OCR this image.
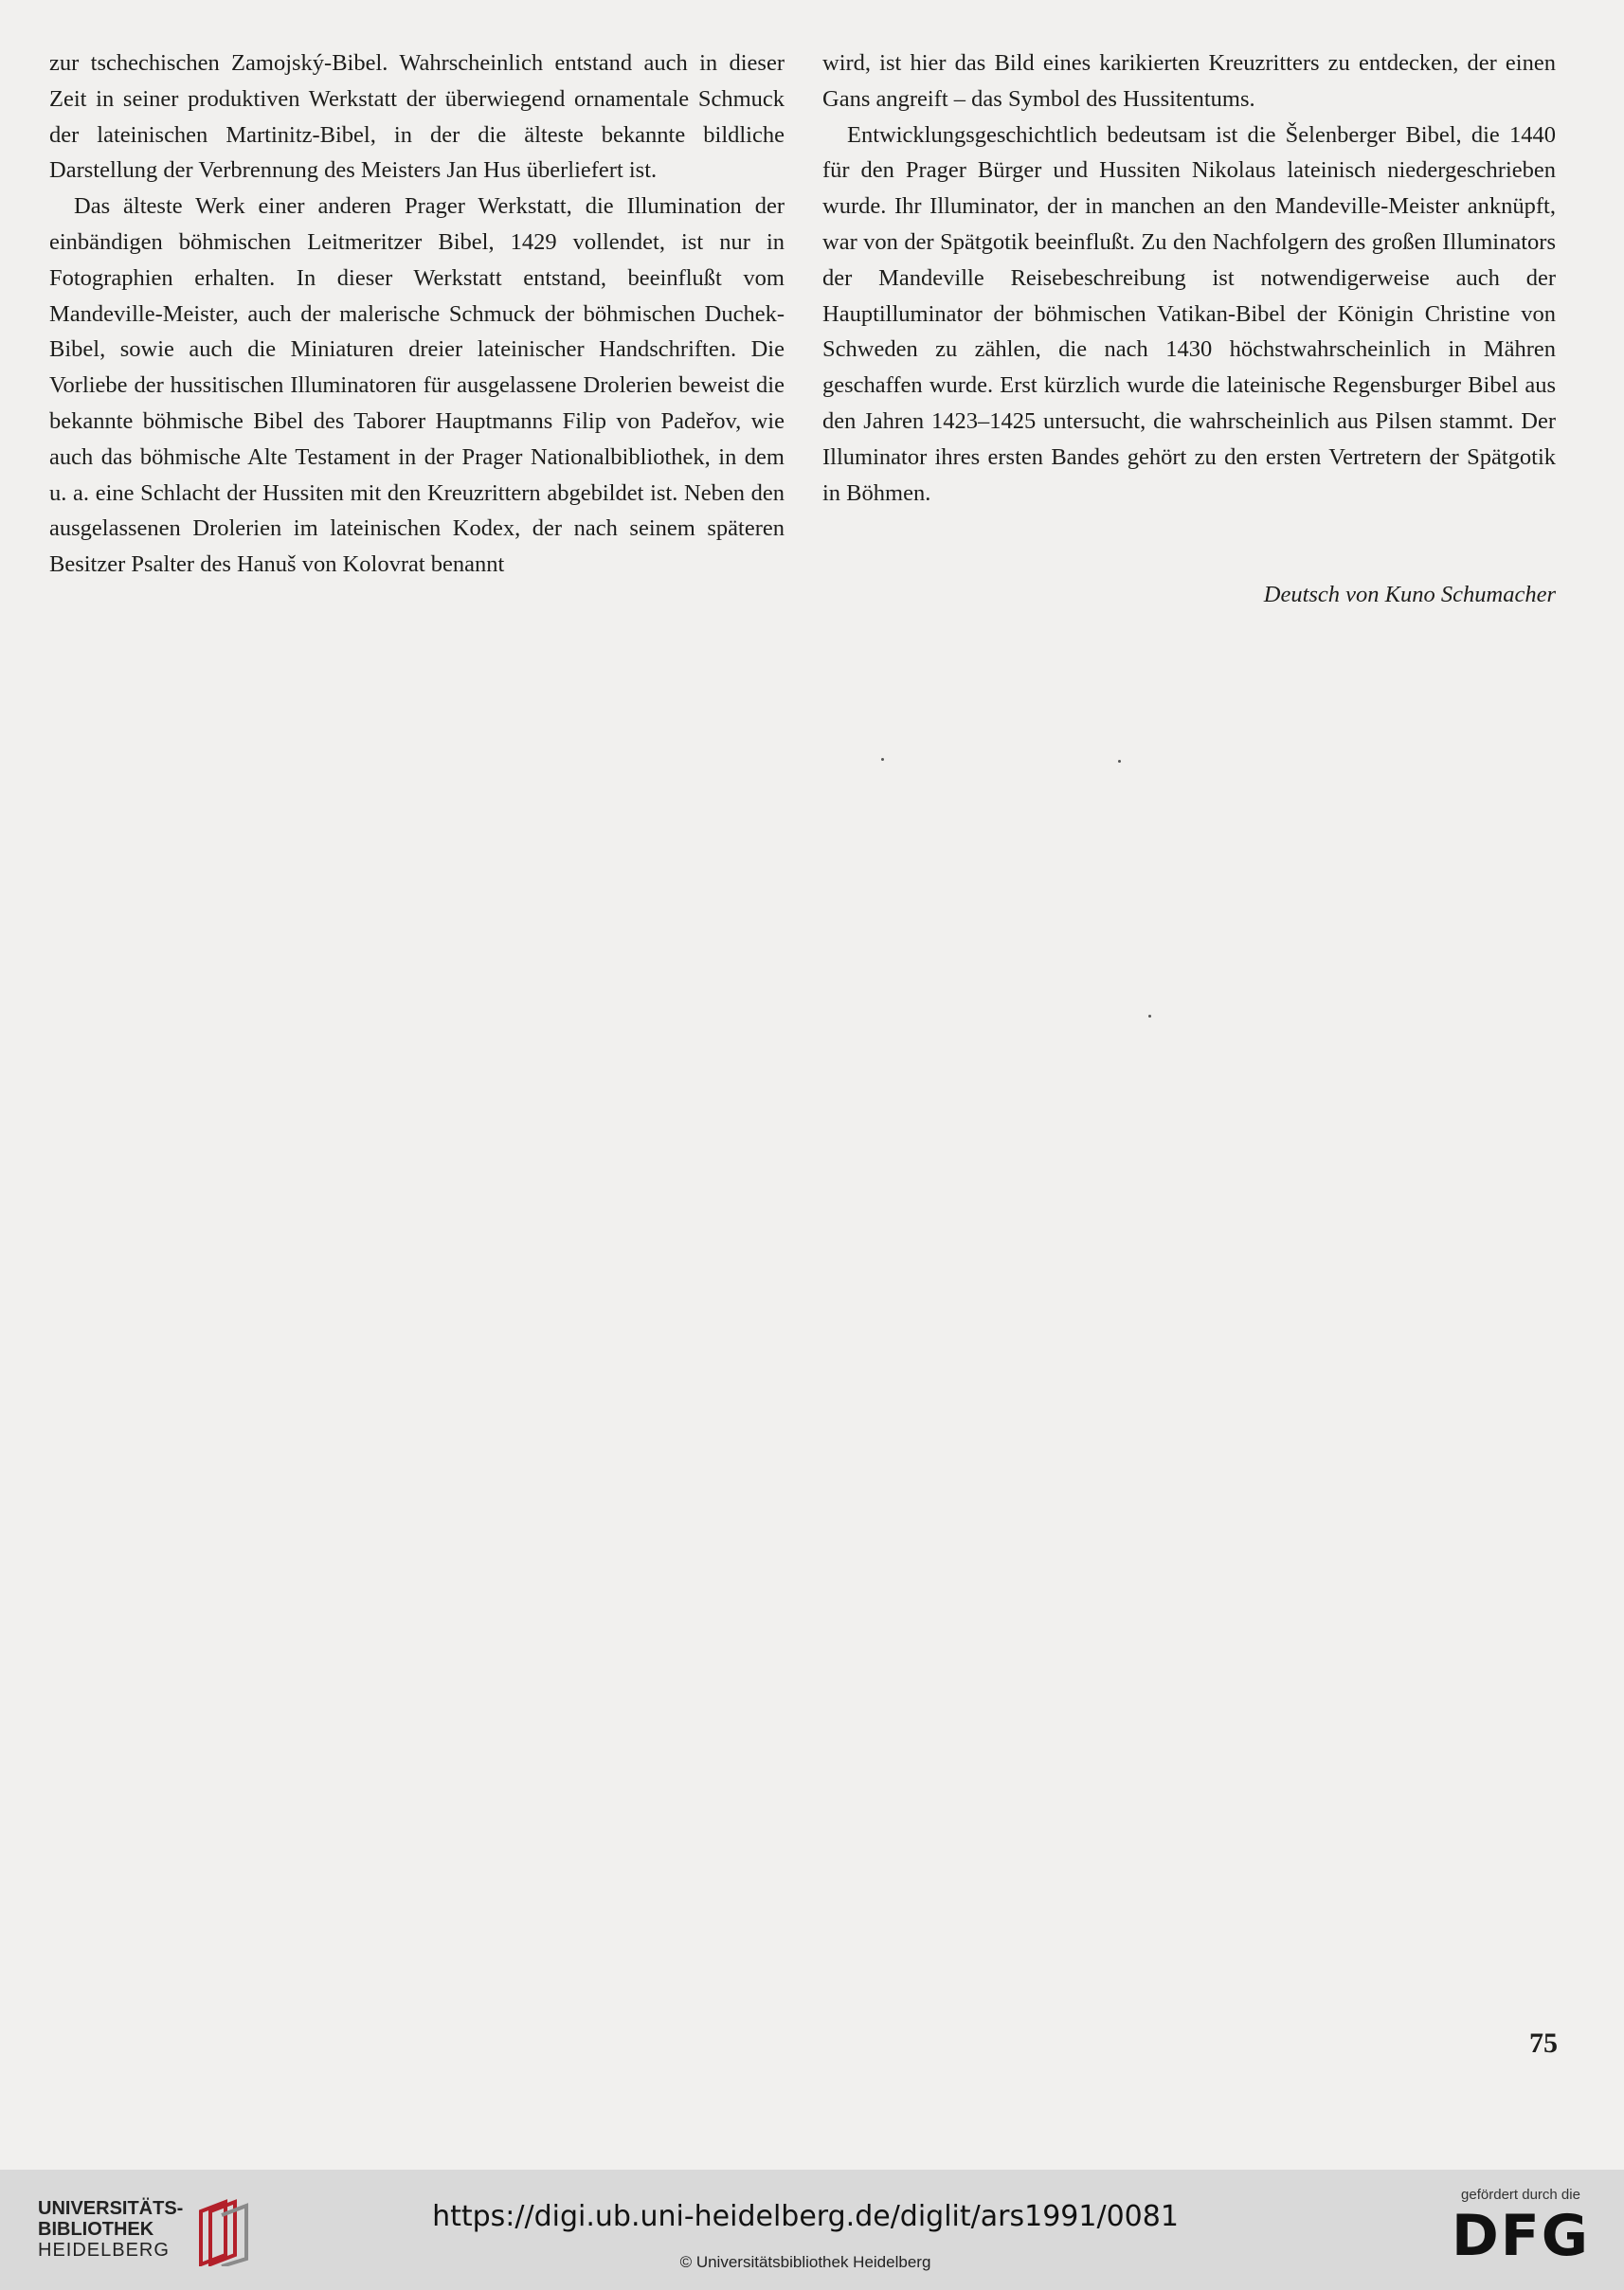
zur tschechischen Zamojský-Bibel. Wahrscheinlich entstand auch in dieser Zeit in seiner produktiven Werkstatt der überwiegend ornamentale Schmuck der lateinischen Martinitz-Bibel, in der die älteste bekannte bildliche Darstellung der Verbrennung des Meisters Jan Hus überliefert ist.

Das älteste Werk einer anderen Prager Werkstatt, die Illumination der einbändigen böhmischen Leitmeritzer Bibel, 1429 vollendet, ist nur in Fotographien erhalten. In dieser Werkstatt entstand, beeinflußt vom Mandeville-Meister, auch der malerische Schmuck der böhmischen Duchek- Bibel, sowie auch die Miniaturen dreier lateinischer Handschriften. Die Vorliebe der hussitischen Illuminatoren für ausgelassene Drolerien beweist die bekannte böhmische Bibel des Taborer Hauptmanns Filip von Padeřov, wie auch das böhmische Alte Testament in der Prager Nationalbibliothek, in dem u. a. eine Schlacht der Hussiten mit den Kreuzrittern abgebildet ist. Neben den ausgelassenen Drolerien im lateinischen Kodex, der nach seinem späteren Besitzer Psalter des Hanuš von Kolovrat benannt

wird, ist hier das Bild eines karikierten Kreuzritters zu entdecken, der einen Gans angreift – das Symbol des Hussitentums.

Entwicklungsgeschichtlich bedeutsam ist die Šelenberger Bibel, die 1440 für den Prager Bürger und Hussiten Nikolaus lateinisch niedergeschrieben wurde. Ihr Illuminator, der in manchen an den Mandeville-Meister anknüpft, war von der Spätgotik beeinflußt. Zu den Nachfolgern des großen Illuminators der Mandeville Reisebeschreibung ist notwendigerweise auch der Hauptilluminator der böhmischen Vatikan-Bibel der Königin Christine von Schweden zu zählen, die nach 1430 höchstwahrscheinlich in Mähren geschaffen wurde. Erst kürzlich wurde die lateinische Regensburger Bibel aus den Jahren 1423–1425 untersucht, die wahrscheinlich aus Pilsen stammt. Der Illuminator ihres ersten Bandes gehört zu den ersten Vertretern der Spätgotik in Böhmen.

Deutsch von Kuno Schumacher
75
UNIVERSITÄTS-
BIBLIOTHEK
HEIDELBERG
https://digi.ub.uni-heidelberg.de/diglit/ars1991/0081
© Universitätsbibliothek Heidelberg
gefördert durch die
DFG
